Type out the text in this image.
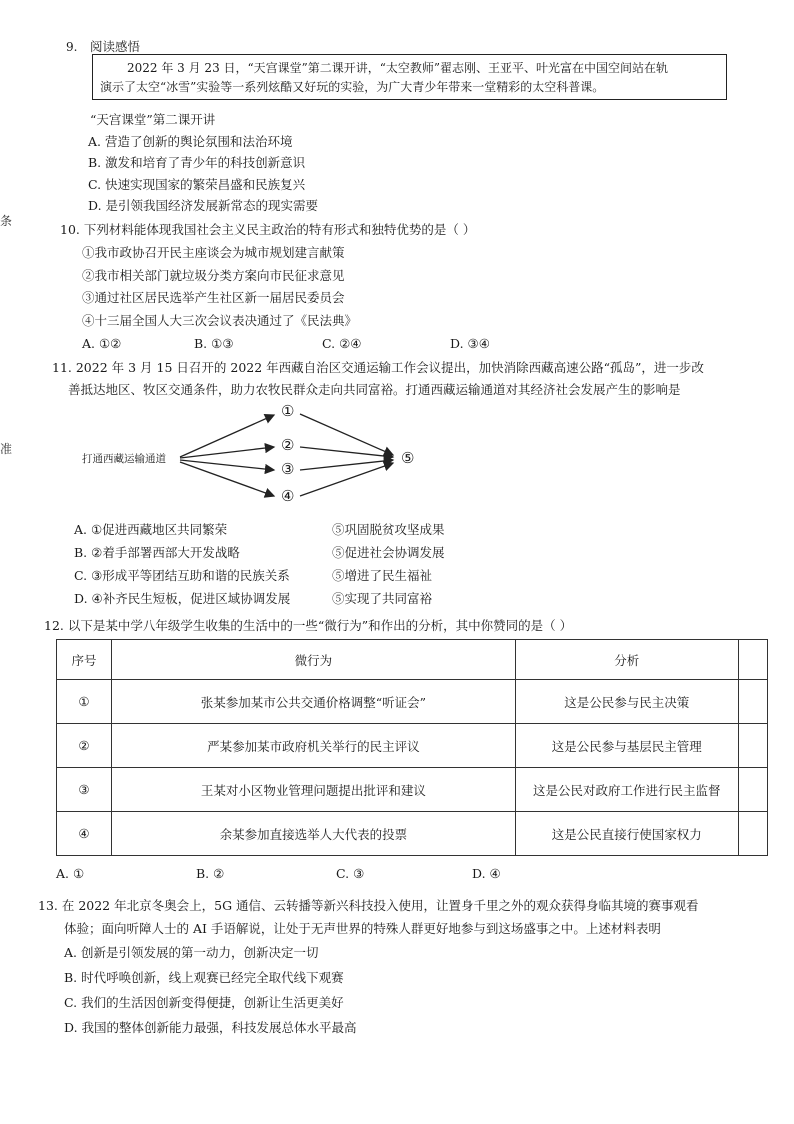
条
准
9. 阅读感悟
2022 年 3 月 23 日，“天宫课堂”第二课开讲，“太空教师”翟志刚、王亚平、叶光富在中国空间站在轨
演示了太空“冰雪”实验等一系列炫酷又好玩的实验，为广大青少年带来一堂精彩的太空科普课。
“天宫课堂”第二课开讲
A. 营造了创新的舆论氛围和法治环境
B. 激发和培育了青少年的科技创新意识
C. 快速实现国家的繁荣昌盛和民族复兴
D. 是引领我国经济发展新常态的现实需要
10. 下列材料能体现我国社会主义民主政治的特有形式和独特优势的是（ ）
①我市政协召开民主座谈会为城市规划建言献策
②我市相关部门就垃圾分类方案向市民征求意见
③通过社区居民选举产生社区新一届居民委员会
④十三届全国人大三次会议表决通过了《民法典》
A. ①②	B. ①③	C. ②④	D. ③④
11. 2022 年 3 月 15 日召开的 2022 年西藏自治区交通运输工作会议提出，加快消除西藏高速公路“孤岛”，进一步改
善抵达地区、牧区交通条件，助力农牧民群众走向共同富裕。打通西藏运输通道对其经济社会发展产生的影响是
打通西藏运输通道
①
②
③
④
⑤
A. ①促进西藏地区共同繁荣	⑤巩固脱贫攻坚成果
B. ②着手部署西部大开发战略	⑤促进社会协调发展
C. ③形成平等团结互助和谐的民族关系	⑤增进了民生福祉
D. ④补齐民生短板，促进区域协调发展	⑤实现了共同富裕
12. 以下是某中学八年级学生收集的生活中的一些“微行为”和作出的分析，其中你赞同的是（ ）
序号	微行为	分析	
①	张某参加某市公共交通价格调整“听证会”	这是公民参与民主决策	
②	严某参加某市政府机关举行的民主评议	这是公民参与基层民主管理	
③	王某对小区物业管理问题提出批评和建议	这是公民对政府工作进行民主监督	
④	余某参加直接选举人大代表的投票	这是公民直接行使国家权力	
A. ①	B. ②	C. ③	D. ④
13. 在 2022 年北京冬奥会上，5G 通信、云转播等新兴科技投入使用，让置身千里之外的观众获得身临其境的赛事观看
体验；面向听障人士的 AI 手语解说，让处于无声世界的特殊人群更好地参与到这场盛事之中。上述材料表明
A. 创新是引领发展的第一动力，创新决定一切
B. 时代呼唤创新，线上观赛已经完全取代线下观赛
C. 我们的生活因创新变得便捷，创新让生活更美好
D. 我国的整体创新能力最强，科技发展总体水平最高
